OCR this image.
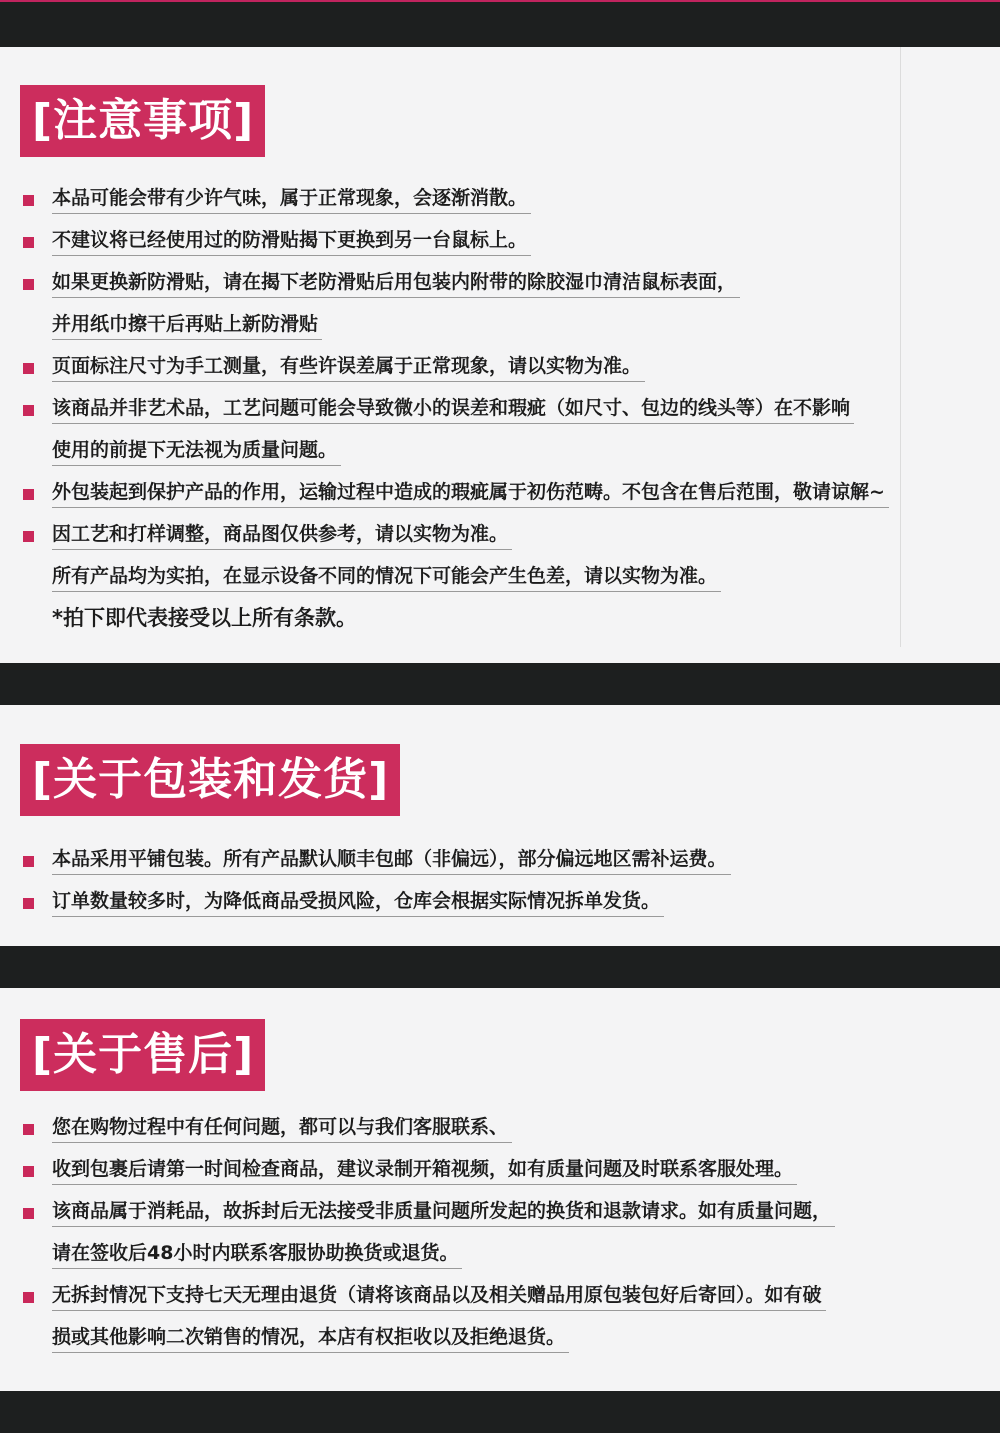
[注意事项]
本品可能会带有少许气味，属于正常现象，会逐渐消散。
不建议将已经使用过的防滑贴揭下更换到另一台鼠标上。
如果更换新防滑贴，请在揭下老防滑贴后用包装内附带的除胶湿巾清洁鼠标表面，
并用纸巾擦干后再贴上新防滑贴
页面标注尺寸为手工测量，有些许误差属于正常现象，请以实物为准。
该商品并非艺术品，工艺问题可能会导致微小的误差和瑕疵（如尺寸、包边的线头等）在不影响
使用的前提下无法视为质量问题。
外包装起到保护产品的作用，运输过程中造成的瑕疵属于初伤范畴。不包含在售后范围，敬请谅解~
因工艺和打样调整，商品图仅供参考，请以实物为准。
所有产品均为实拍，在显示设备不同的情况下可能会产生色差，请以实物为准。
*拍下即代表接受以上所有条款。
[关于包装和发货]
本品采用平铺包装。所有产品默认顺丰包邮（非偏远），部分偏远地区需补运费。
订单数量较多时，为降低商品受损风险，仓库会根据实际情况拆单发货。
[关于售后]
您在购物过程中有任何问题，都可以与我们客服联系、
收到包裹后请第一时间检查商品，建议录制开箱视频，如有质量问题及时联系客服处理。
该商品属于消耗品，故拆封后无法接受非质量问题所发起的换货和退款请求。如有质量问题，
请在签收后48小时内联系客服协助换货或退货。
无拆封情况下支持七天无理由退货（请将该商品以及相关赠品用原包装包好后寄回）。如有破
损或其他影响二次销售的情况，本店有权拒收以及拒绝退货。
